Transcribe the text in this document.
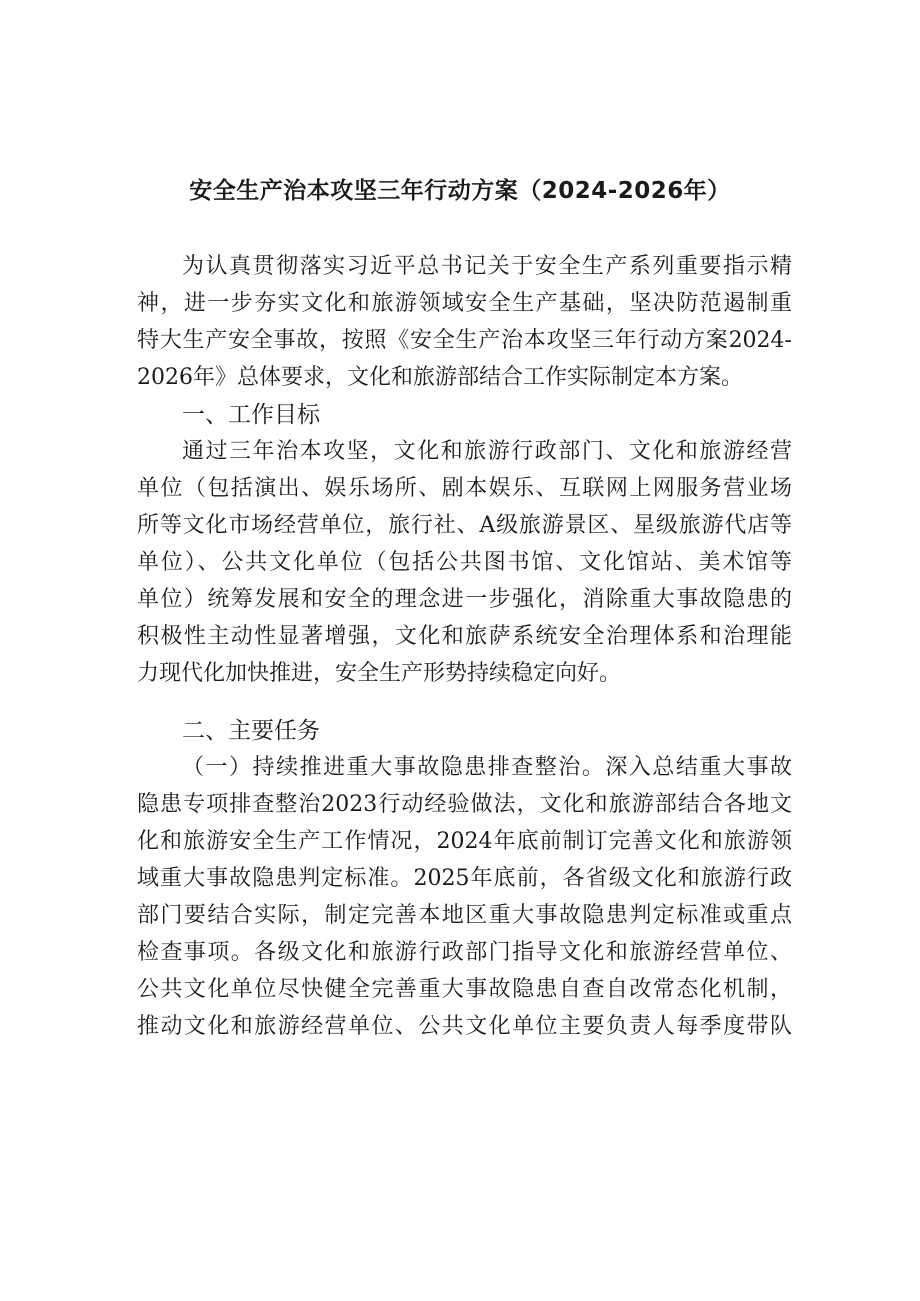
安全生产治本攻坚三年行动方案（2024-2026年）
为认真贯彻落实习近平总书记关于安全生产系列重要指示精
神，进一步夯实文化和旅游领域安全生产基础，坚决防范遏制重
特大生产安全事故，按照《安全生产治本攻坚三年行动方案2024-
2026年》总体要求，文化和旅游部结合工作实际制定本方案。
一、工作目标
通过三年治本攻坚，文化和旅游行政部门、文化和旅游经营
单位（包括演出、娱乐场所、剧本娱乐、互联网上网服务营业场
所等文化市场经营单位，旅行社、A级旅游景区、星级旅游代店等
单位）、公共文化单位（包括公共图书馆、文化馆站、美术馆等
单位）统筹发展和安全的理念进一步强化，消除重大事故隐患的
积极性主动性显著增强，文化和旅萨系统安全治理体系和治理能
力现代化加快推进，安全生产形势持续稳定向好。
二、主要任务
（一）持续推进重大事故隐患排查整治。深入总结重大事故
隐患专项排查整治2023行动经验做法，文化和旅游部结合各地文
化和旅游安全生产工作情况，2024年底前制订完善文化和旅游领
域重大事故隐患判定标准。2025年底前，各省级文化和旅游行政
部门要结合实际，制定完善本地区重大事故隐患判定标准或重点
检查事项。各级文化和旅游行政部门指导文化和旅游经营单位、
公共文化单位尽快健全完善重大事故隐患自查自改常态化机制，
推动文化和旅游经营单位、公共文化单位主要负责人每季度带队
